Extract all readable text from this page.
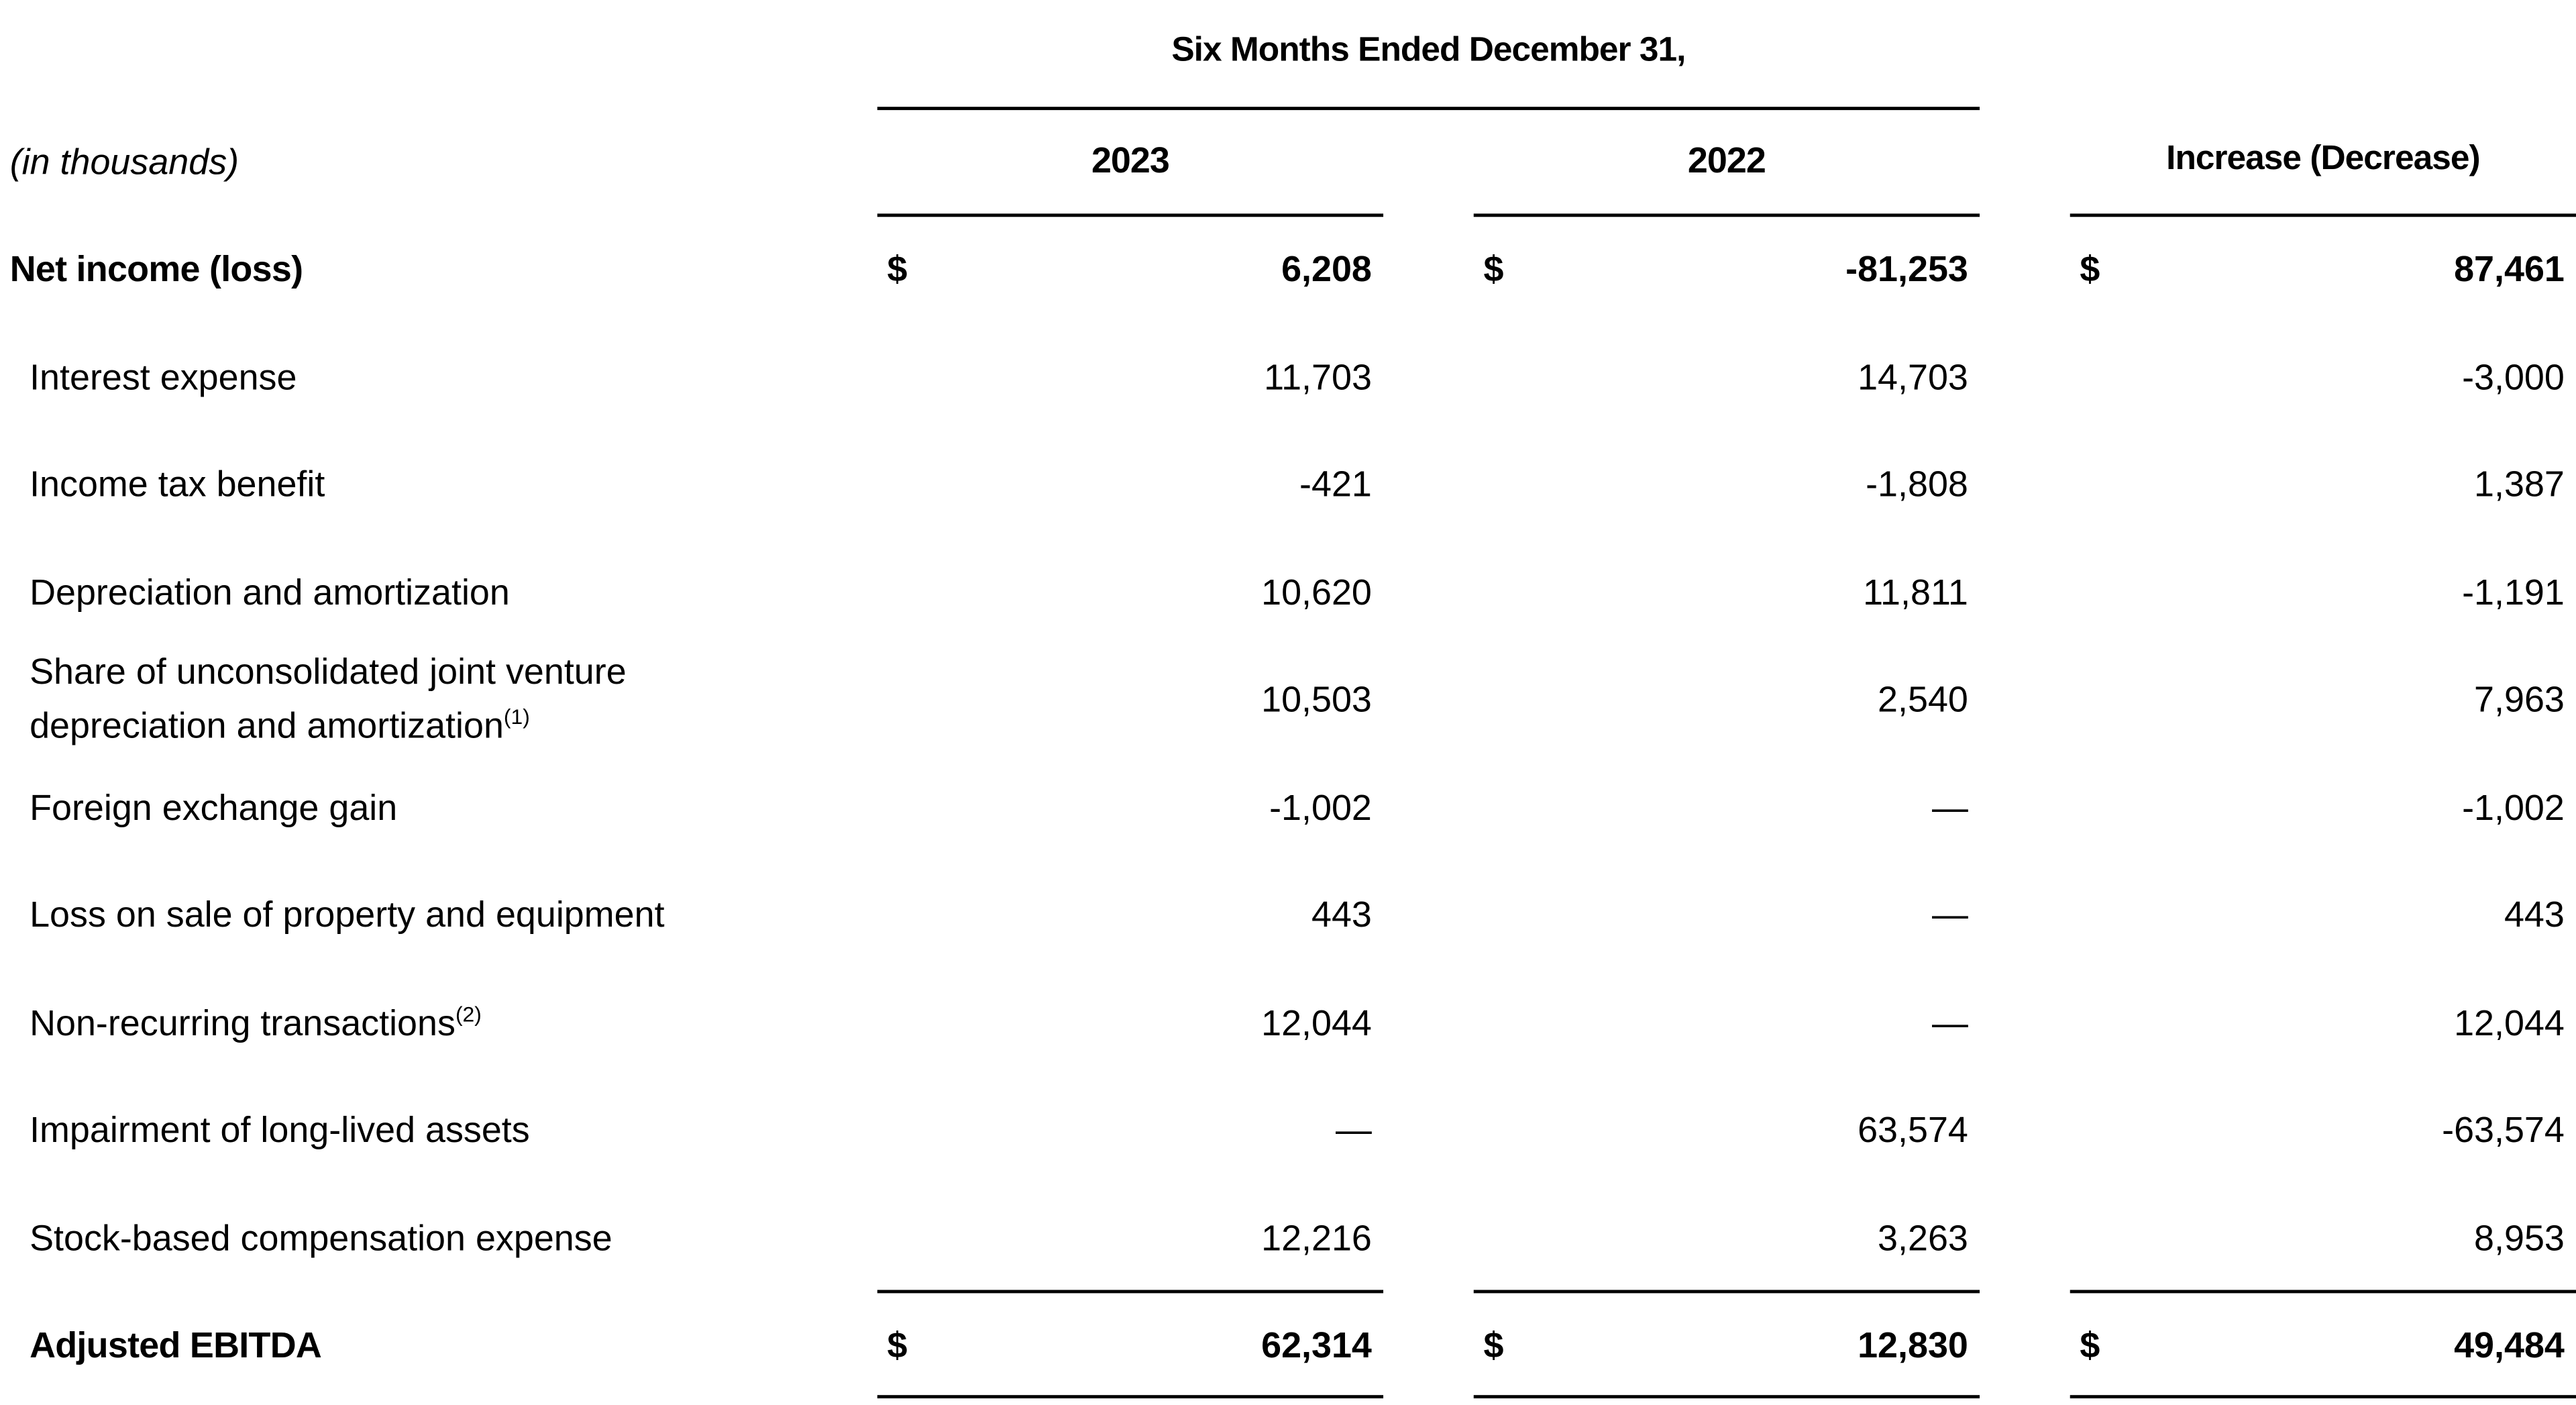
Six Months Ended December 31,
(in thousands)	2023	2022	Increase (Decrease)
Net income (loss)	$	6,208	$	-81,253	$	87,461
Interest expense	11,703	14,703	-3,000
Income tax benefit	-421	-1,808	1,387
Depreciation and amortization	10,620	11,811	-1,191
Share of unconsolidated joint venture
depreciation and amortization$^{(1)}$	10,503	2,540	7,963
Foreign exchange gain	-1,002	—	-1,002
Loss on sale of property and equipment	443	—	443
Non-recurring transactions$^{(2)}$	12,044	—	12,044
Impairment of long-lived assets	—	63,574	-63,574
Stock-based compensation expense	12,216	3,263	8,953
Adjusted EBITDA	$	62,314	$	12,830	$	49,484
